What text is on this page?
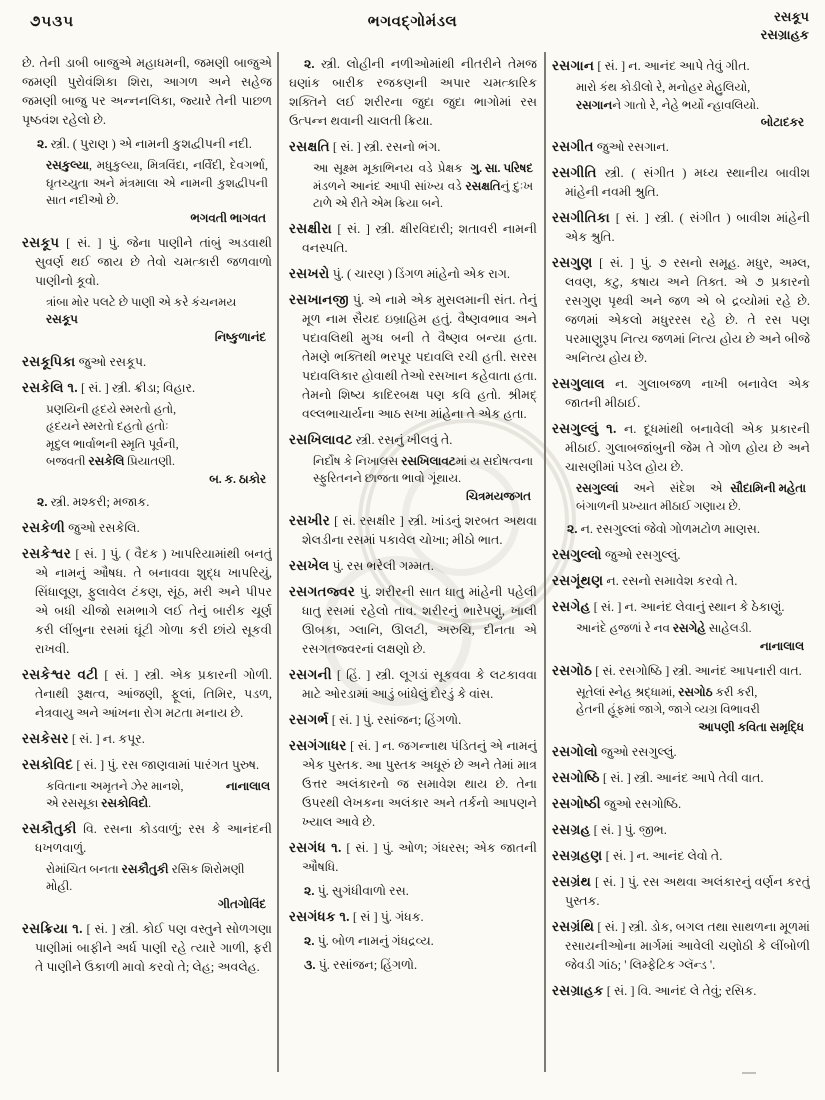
૭૫૩૫	ભગવદ્ગોમંડલ	રસકૂપ
રસગ્રાહક

છે. તેની ડાબી બાજુએ મહાધમની, જમણી બાજુએ જમણી પુરોવંશિકા શિરા, આગળ અને સહેજ જમણી બાજુ પર અન્નનલિકા, જ્યારે તેની પાછળ પૃષ્ઠવંશ રહેલો છે.

૨. સ્ત્રી. ( પુરાણ ) એ નામની કુશદ્વીપની નદી.

રસકુલ્યા, મધુકુલ્યા, મિત્રવિંદા, નર્વિંદી, દેવગર્ભા, ઘૃતચ્યુતા અને મંત્રમાલા એ નામની કુશદ્વીપની સાત નદીઓ છે.

ભગવતી ભાગવત

રસકૂપ [ સં. ] પું. જેના પાણીને તાંબું અડવાથી સુવર્ણ થઈ જાય છે તેવો ચમત્કારી જળવાળો પાણીનો કૂવો.

ત્રાંબા મોર પલટે છે પાણી એ કરે કંચનમય રસકૂપ

નિષ્કુળાનંદ

રસકૂપિકા જુઓ રસકૂપ.

રસકેલિ ૧. [ સં. ] સ્ત્રી. ક્રીડા; વિહાર.

પ્રણયિની હૃદયે સ્મરતો હતો,
હૃદયને સ્મરતો દહતો હતોઃ
મૃદુલ ભાર્વાભની સ્મૃતિ પૂર્વની,
બજવતી રસકેલિ પ્રિયાતણી.

બ. ક. ઠાકોર

૨. સ્ત્રી. મશ્કરી; મજાક.

રસકેળી જુઓ રસકેલિ.

રસકેશ્વર [ સં. ] પું. ( વૈદક ) ખાપરિયામાંથી બનતું એ નામનું ઔષધ. તે બનાવવા શુદ્ધ ખાપરિયું, સિંધાલૂણ, ફુલાવેલ ટંકણ, સૂંઠ, મરી અને પીપર એ બધી ચીજો સમભાગે લઈ તેનું બારીક ચૂર્ણ કરી લીંબુના રસમાં ઘૂંટી ગોળા કરી છાંયે સૂકવી રાખવી.

રસકેશ્વર વટી [ સં. ] સ્ત્રી. એક પ્રકારની ગોળી. તેનાથી રૂક્ષત્વ, આંજણી, ફૂલાં, તિમિર, પડળ, નેત્રવાયુ અને આંખના રોગ મટતા મનાય છે.

રસકેસર [ સં. ] ન. કપૂર.

રસકોવિદ [ સં. ] પું. રસ જાણવામાં પારંગત પુરુષ.

નાનાલાલ
કવિતાના અમૃતને ઝેર માનશે,
એ રસસૂકા રસકોવિદો.

રસકૌતુકી વિ. રસના કોડવાળું; રસ કે આનંદની ધખળવાળું.

રોમાંચિત બનતા રસકૌતુકી રસિક શિરોમણી મોહી.

ગીતગોવિંદ

રસક્રિયા ૧. [ સં. ] સ્ત્રી. કોઈ પણ વસ્તુને સોળગણા પાણીમાં બાફીને અર્ધ પાણી રહે ત્યારે ગાળી, ફરી તે પાણીને ઉકાળી માવો કરવો તે; લેહ; અવલેહ.

૨. સ્ત્રી. લોહીની નળીઓમાંથી નીતરીને તેમજ ઘણાંક બારીક રજકણની અપાર ચમત્કારિક શક્તિને લઈ શરીરના જુદા જુદા ભાગોમાં રસ ઉત્પન્ન થવાની ચાલતી ક્રિયા.

રસક્ષતિ [ સં. ] સ્ત્રી. રસનો ભંગ.

ગુ. સા. પરિષદ
આ સૂક્ષ્મ મૂકાભિનય વડે પ્રેક્ષક મંડળને આનંદ આપી સાંખ્ય વડે રસક્ષતિનું દુઃખ ટાળે એ રીતે એમ ક્રિયા બને.

રસક્ષીરા [ સં. ] સ્ત્રી. ક્ષીરવિદારી; શતાવરી નામની વનસ્પતિ.

રસખરો પું. ( ચારણ ) ડિંગળ માંહેનો એક રાગ.

રસખાનજી પું. એ નામે એક મુસલમાની સંત. તેનું મૂળ નામ સૈયદ ઇબ્રાહિમ હતું. વૈષ્ણવભાવ અને પદાવલિથી મુગ્ધ બની તે વૈષ્ણવ બન્યા હતા. તેમણે ભક્તિથી ભરપૂર પદાવલિ રચી હતી. સરસ પદાવલિકાર હોવાથી તેઓ રસખાન કહેવાતા હતા. તેમનો શિષ્ય કાદિરબક્ષ પણ કવિ હતો. શ્રીમદ્ વલ્લભાચાર્યના આઠ સખા માંહેના તે એક હતા.

રસખિલાવટ સ્ત્રી. રસનું ખીલવું તે.

નિર્દોષ કે નિખાલસ રસખિલાવટમાં ય સદોષત્વના સ્ફુરિતનને છાજતા ભાવો ગૂંથાય.

ચિત્રમયજગત

રસખીર [ સં. રસક્ષીર ] સ્ત્રી. ખાંડનું શરબત અથવા શેલડીના રસમાં પકાવેલ ચોખા; મીઠો ભાત.

રસખેલ પું. રસ ભરેલી ગમ્મત.

રસગતજ્વર પું. શરીરની સાત ધાતુ માંહેની પહેલી ધાતુ રસમાં રહેલો તાવ. શરીરનું ભારેપણું, ખાલી ઊબકા, ગ્લાનિ, ઊલટી, અરુચિ, દીનતા એ રસગતજ્વરનાં લક્ષણો છે.

રસગની [ હિં. ] સ્ત્રી. લૂગડાં સૂકવવા કે લટકાવવા માટે ઓરડામાં આડું બાંધેલું દોરડું કે વાંસ.

રસગર્ભ [ સં. ] પું. રસાંજન; હિંગળો.

રસગંગાધર [ સં. ] ન. જગન્નાથ પંડિતનું એ નામનું એક પુસ્તક. આ પુસ્તક અધૂરું છે અને તેમાં માત્ર ઉત્તર અલંકારનો જ સમાવેશ થાય છે. તેના ઉપરથી લેખકના અલંકાર અને તર્કનો આપણને ખ્યાલ આવે છે.

રસગંધ ૧. [ સં. ] પું. ઓળ; ગંધરસ; એક જાતની ઔષધિ.

૨. પું. સુગંધીવાળો રસ.

રસગંધક ૧. [ સં ] પું. ગંધક.

૨. પું. બોળ નામનું ગંધદ્રવ્ય.

૩. પું. રસાંજન; હિંગળો.

રસગાન [ સં. ] ન. આનંદ આપે તેવું ગીત.

મારો કંથ કોડીલો રે, મનોહર મેહુલિયો,
રસગાનને ગાતો રે, નેહે ભર્યો ન્હાવલિયો.

બોટાદકર

રસગીત જુઓ રસગાન.

રસગીતિ સ્ત્રી. ( સંગીત ) મધ્ય સ્થાનીય બાવીશ માંહેની નવમી શ્રુતિ.

રસગીતિકા [ સં. ] સ્ત્રી. ( સંગીત ) બાવીશ માંહેની એક શ્રુતિ.

રસગુણ [ સં. ] પું. ૭ રસનો સમૂહ. મધુર, અમ્લ, લવણ, કટુ, કષાય અને તિક્ત. એ ૭ પ્રકારનો રસગુણ પૃથ્વી અને જળ એ બે દ્રવ્યોમાં રહે છે. જળમાં એકલો મધુરરસ રહે છે. તે રસ પણ પરમાણુરૂપ નિત્ય જળમાં નિત્ય હોય છે અને બીજે અનિત્ય હોય છે.

રસગુલાલ ન. ગુલાબજળ નાખી બનાવેલ એક જાતની મીઠાઈ.

રસગુલ્લું ૧. ન. દૂધમાંથી બનાવેલી એક પ્રકારની મીઠાઈ. ગુલાબજાંબુની જેમ તે ગોળ હોય છે અને ચાસણીમાં પડેલ હોય છે.

સૌદામિની મહેતા
રસગુલ્લાં અને સંદેશ એ બંગાળની પ્રખ્યાત મીઠાઈ ગણાય છે.

૨. ન. રસગુલ્લાં જેવો ગોળમટોળ માણસ.

રસગુલ્લો જુઓ રસગુલ્લું.

રસગૂંથણ ન. રસનો સમાવેશ કરવો તે.

રસગેહ [ સં. ] ન. આનંદ લેવાનું સ્થાન કે ઠેકાણું.

આનંદે હજળાં રે નવ રસગેહે સાહેલડી.

નાનાલાલ

રસગોઠ [ સં. રસગોષ્ઠિ ] સ્ત્રી. આનંદ આપનારી વાત.

સૂતેલાં સ્નેહ શ્રદ્ધામાં, રસગોઠ કરી કરી,
હેતની હૂંફમાં જાગે, જાગે વ્યગ્ર વિભાવરી

આપણી કવિતા સમૃદ્ધિ

રસગોલો જુઓ રસગુલ્લું.

રસગોષ્ઠિ [ સં. ] સ્ત્રી. આનંદ આપે તેવી વાત.

રસગોષ્ઠી જુઓ રસગોષ્ઠિ.

રસગ્રહ [ સં. ] પું. જીભ.

રસગ્રહણ [ સં. ] ન. આનંદ લેવો તે.

રસગ્રંથ [ સં. ] પું. રસ અથવા અલંકારનું વર્ણન કરતું પુસ્તક.

રસગ્રંથિ [ સં. ] સ્ત્રી. ડોક, બગલ તથા સાથળના મૂળમાં રસાયનીઓના માર્ગમાં આવેલી ચણોઠી કે લીંબોળી જેવડી ગાંઠ; ' લિમ્ફેટિક ગ્લૅન્ડ '.

રસગ્રાહક [ સં. ] વિ. આનંદ લે તેવું; રસિક.
